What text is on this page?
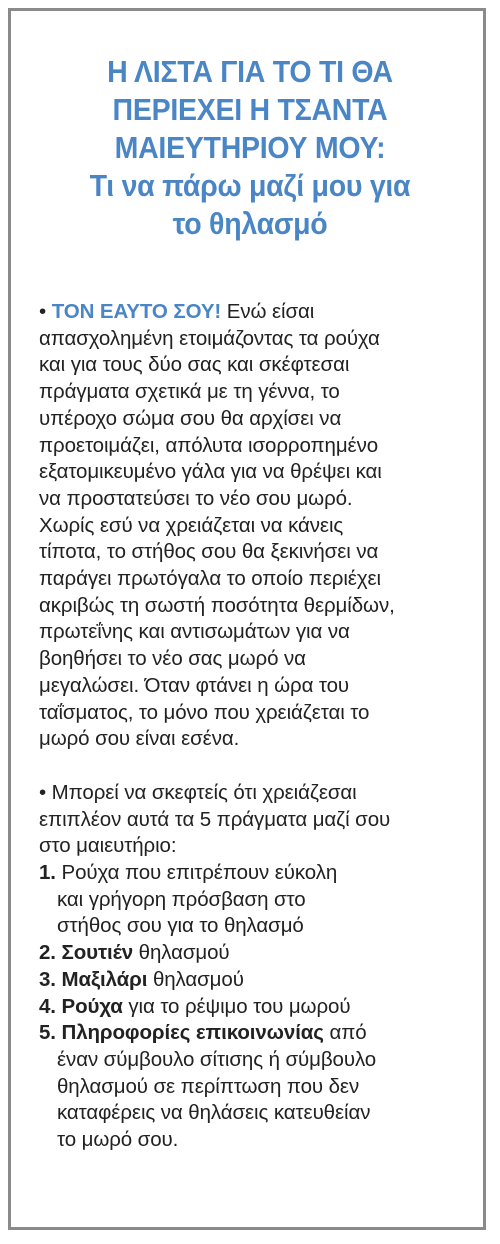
Η ΛΙΣΤΑ ΓΙΑ ΤΟ ΤΙ ΘΑ
ΠΕΡΙΕΧΕΙ Η ΤΣΑΝΤΑ
ΜΑΙΕΥΤΗΡΙΟΥ ΜΟΥ:
Τι να πάρω μαζί μου για
το θηλασμό
• ΤΟΝ ΕΑΥΤΟ ΣΟΥ! Ενώ είσαι
απασχολημένη ετοιμάζοντας τα ρούχα
και για τους δύο σας και σκέφτεσαι
πράγματα σχετικά με τη γέννα, το
υπέροχο σώμα σου θα αρχίσει να
προετοιμάζει, απόλυτα ισορροπημένο
εξατομικευμένο γάλα για να θρέψει και
να προστατεύσει το νέο σου μωρό.
Χωρίς εσύ να χρειάζεται να κάνεις
τίποτα, το στήθος σου θα ξεκινήσει να
παράγει πρωτόγαλα το οποίο περιέχει
ακριβώς τη σωστή ποσότητα θερμίδων,
πρωτεΐνης και αντισωμάτων για να
βοηθήσει το νέο σας μωρό να
μεγαλώσει. Όταν φτάνει η ώρα του
ταΐσματος, το μόνο που χρειάζεται το
μωρό σου είναι εσένα.
• Μπορεί να σκεφτείς ότι χρειάζεσαι
επιπλέον αυτά τα 5 πράγματα μαζί σου
στο μαιευτήριο:
1. Ρούχα που επιτρέπουν εύκολη
και γρήγορη πρόσβαση στο
στήθος σου για το θηλασμό
2. Σουτιέν θηλασμού
3. Μαξιλάρι θηλασμού
4. Ρούχα για το ρέψιμο του μωρού
5. Πληροφορίες επικοινωνίας από
έναν σύμβουλο σίτισης ή σύμβουλο
θηλασμού σε περίπτωση που δεν
καταφέρεις να θηλάσεις κατευθείαν
το μωρό σου.
